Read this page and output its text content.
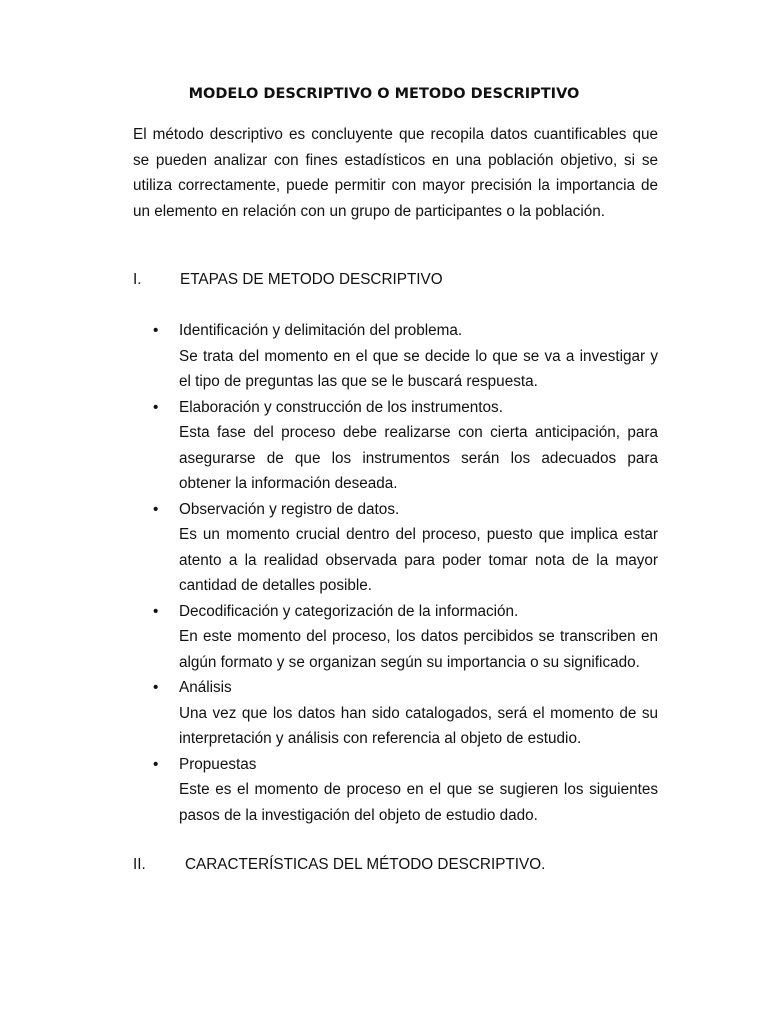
MODELO DESCRIPTIVO O METODO DESCRIPTIVO

El método descriptivo es concluyente que recopila datos cuantificables que se pueden analizar con fines estadísticos en una población objetivo, si se utiliza correctamente, puede permitir con mayor precisión la importancia de un elemento en relación con un grupo de participantes o la población.

I.	ETAPAS DE METODO DESCRIPTIVO
• Identificación y delimitación del problema.
Se trata del momento en el que se decide lo que se va a investigar y el tipo de preguntas las que se le buscará respuesta.
• Elaboración y construcción de los instrumentos.
Esta fase del proceso debe realizarse con cierta anticipación, para asegurarse de que los instrumentos serán los adecuados para obtener la información deseada.
• Observación y registro de datos.
Es un momento crucial dentro del proceso, puesto que implica estar atento a la realidad observada para poder tomar nota de la mayor cantidad de detalles posible.
• Decodificación y categorización de la información.
En este momento del proceso, los datos percibidos se transcriben en algún formato y se organizan según su importancia o su significado.
• Análisis
Una vez que los datos han sido catalogados, será el momento de su interpretación y análisis con referencia al objeto de estudio.
• Propuestas
Este es el momento de proceso en el que se sugieren los siguientes pasos de la investigación del objeto de estudio dado.
II.	CARACTERÍSTICAS DEL MÉTODO DESCRIPTIVO.
